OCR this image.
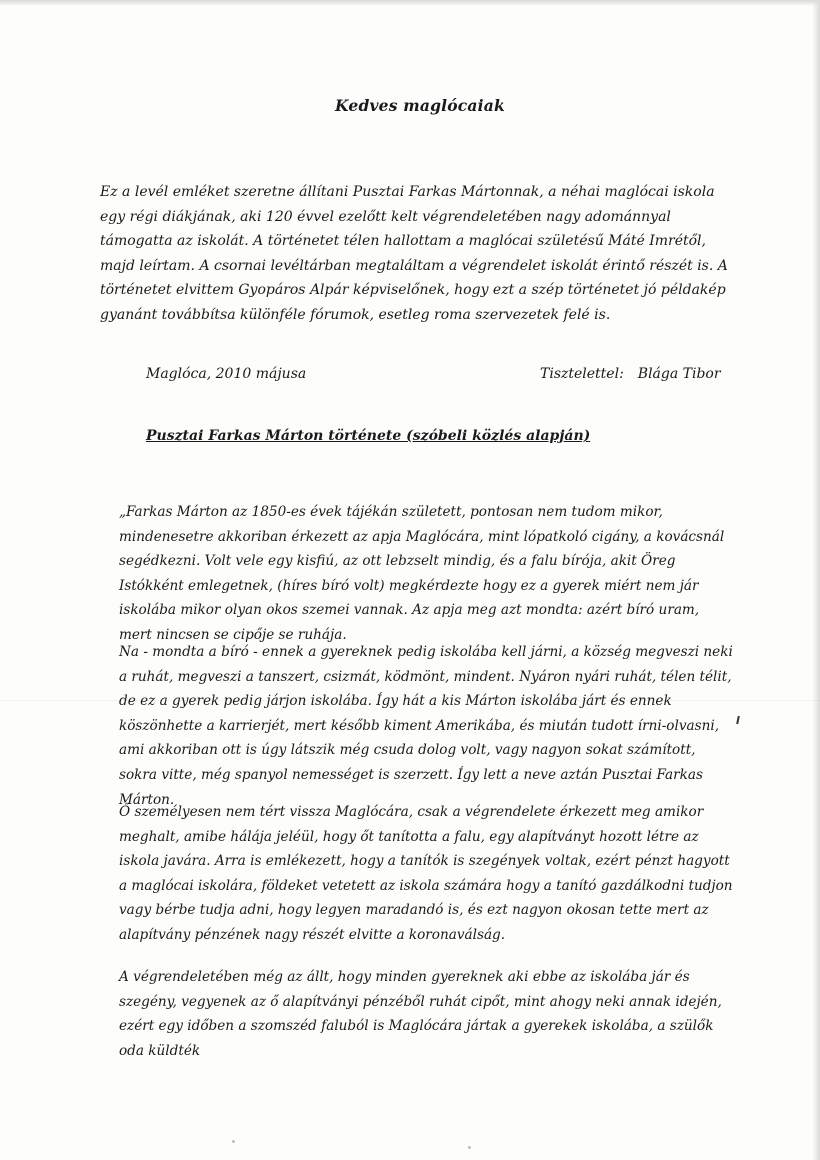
Kedves maglócaiak

Ez a levél emléket szeretne állítani Pusztai Farkas Mártonnak, a néhai maglócai iskola egy régi diákjának, aki 120 évvel ezelőtt kelt végrendeletében nagy adománnyal támogatta az iskolát. A történetet télen hallottam a maglócai születésű Máté Imrétől, majd leírtam. A csornai levéltárban megtaláltam a végrendelet iskolát érintő részét is. A történetet elvittem Gyopáros Alpár képviselőnek, hogy ezt a szép történetet jó példakép gyanánt továbbítsa különféle fórumok, esetleg roma szervezetek felé is.

Maglóca, 2010 májusa	Tisztelettel: Blága Tibor
Pusztai Farkas Márton története (szóbeli közlés alapján)

„Farkas Márton az 1850-es évek tájékán született, pontosan nem tudom mikor, mindenesetre akkoriban érkezett az apja Maglócára, mint lópatkoló cigány, a kovácsnál segédkezni. Volt vele egy kisfiú, az ott lebzselt mindig, és a falu bírója, akit Öreg Istókként emlegetnek, (híres bíró volt) megkérdezte hogy ez a gyerek miért nem jár iskolába mikor olyan okos szemei vannak. Az apja meg azt mondta: azért bíró uram, mert nincsen se cipője se ruhája.

Na - mondta a bíró - ennek a gyereknek pedig iskolába kell járni, a község megveszi neki a ruhát, megveszi a tanszert, csizmát, ködmönt, mindent. Nyáron nyári ruhát, télen télit, de ez a gyerek pedig járjon iskolába. Így hát a kis Márton iskolába járt és ennek köszönhette a karrierjét, mert később kiment Amerikába, és miután tudott írni-olvasni, ami akkoriban ott is úgy látszik még csuda dolog volt, vagy nagyon sokat számított, sokra vitte, még spanyol nemességet is szerzett. Így lett a neve aztán Pusztai Farkas Márton.

Ő személyesen nem tért vissza Maglócára, csak a végrendelete érkezett meg amikor meghalt, amibe hálája jeléül, hogy őt tanította a falu, egy alapítványt hozott létre az iskola javára. Arra is emlékezett, hogy a tanítók is szegények voltak, ezért pénzt hagyott a maglócai iskolára, földeket vetetett az iskola számára hogy a tanító gazdálkodni tudjon vagy bérbe tudja adni, hogy legyen maradandó is, és ezt nagyon okosan tette mert az alapítvány pénzének nagy részét elvitte a koronaválság.

A végrendeletében még az állt, hogy minden gyereknek aki ebbe az iskolába jár és szegény, vegyenek az ő alapítványi pénzéből ruhát cipőt, mint ahogy neki annak idején, ezért egy időben a szomszéd faluból is Maglócára jártak a gyerekek iskolába, a szülők oda küldték
